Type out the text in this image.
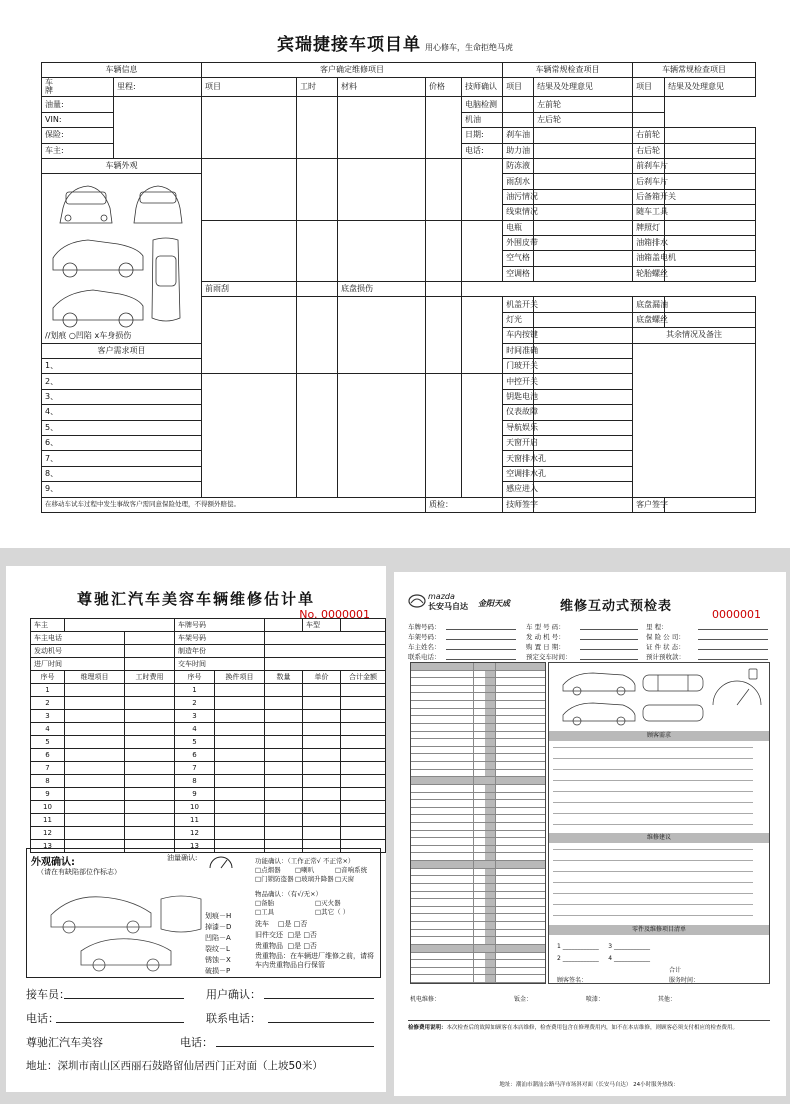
宾瑞捷接车项目单 用心修车，生命拒绝马虎
车辆信息		客户确定维修项目					车辆常规检查项目		车辆常规检查项目	
车
牌	里程:	项目	工时	材料	价格	技师确认	项目	结果及处理意见	项目	结果及处理意见
油量:						电脑检测		左前轮		
VIN:						机油		左后轮		
保险:						日期:	刹车油		右前轮	
车主:						电话:	助力油		右后轮	
车辆外观							防冻液		前刹车片	
//划痕 ○凹陷 x车身损伤							雨刮水		后刹车片	
							油污情况		后备箱开关	
							线束情况		随车工具	
							电瓶		牌照灯	
							外围皮带		油箱排水	
							空气格		油箱盖电机	
							空调格		轮胎螺丝	
		前雨刮		底盘损伤						
							机盖开关		底盘漏油	
							灯光		底盘螺丝	
							车内按键		其余情况及备注	
客户需求项目							时间准确			
1、							门玻开关			
2、							中控开关			
3、							钥匙电池			
4、							仪表故障			
5、							导航娱乐			
6、							天窗开启			
7、							天窗排水孔			
8、							空调排水孔			
9、							感应进入			
在移动车试车过程中发生事故客户需同意保险处理，不得额外赔偿。					质检：		技师签字		客户签字	
尊驰汇汽车美容车辆维修估计单
No. 0000001
车主			车牌号码			车型	
车主电话			车架号码				
发动机号			制造年份				
进厂时间			交车时间				
序号	维理项目	工时费用	序号	换件项目	数量	单价	合计金额
1			1				
2			2				
3			3				
4			4				
5			5				
6			6				
7			7				
8			8				
9			9				
10			10				
11			11				
12			12				
13			13				
外观确认:
（请在有缺陷部位作标志）
油量确认:	功能确认：（工作正常√ 不正常×）
□点烟器 □喇叭	□音响系统□门锁防盗器□玻璃升降器□天窗
物品确认：（有√/无×）
□备胎	□灭火器□工具	□其它（ ）
划痕－H
掉漆－D
凹陷－A
裂纹－L
锈蚀－X
破损－P
洗车 □是 □否
旧件交还 □是 □否
贵重物品 □是 □否
贵重物品：在车辆进厂维修之前，请将车内贵重物品自行保管
接车员：	用户确认：
电话：	联系电话：
尊驰汇汽车美容	电话：
地址：深圳市南山区西丽石鼓路留仙居西门正对面（上坡50米）
mazda
长安马自达 金阳天成	维修互动式预检表
0000001
车牌号码：	车 型 号 码：	里 程：
车架号码：	发 动 机 号：	保 险 公 司：
车主姓名：	购 置 日 期：	证 件 状 态：
联系电话：	预定交车时间：	预计预收款：
顾客需求
维修建议
零件及维修项目清单
1 ____________     3 ____________
2 ____________     4 ____________
合计
顾客签名：	服务时间：
机电维修：	钣金：	喷漆：	其他：
检修费用说明：本次检查后的故障如顾客在本店维修，检查费用包含在修理费用内，如不在本店维修，则顾客必须支付相应的检查费用。
地址：潮汕市潮汕公路马洋市场斜对面（长安马自达） 24小时服务热线：
